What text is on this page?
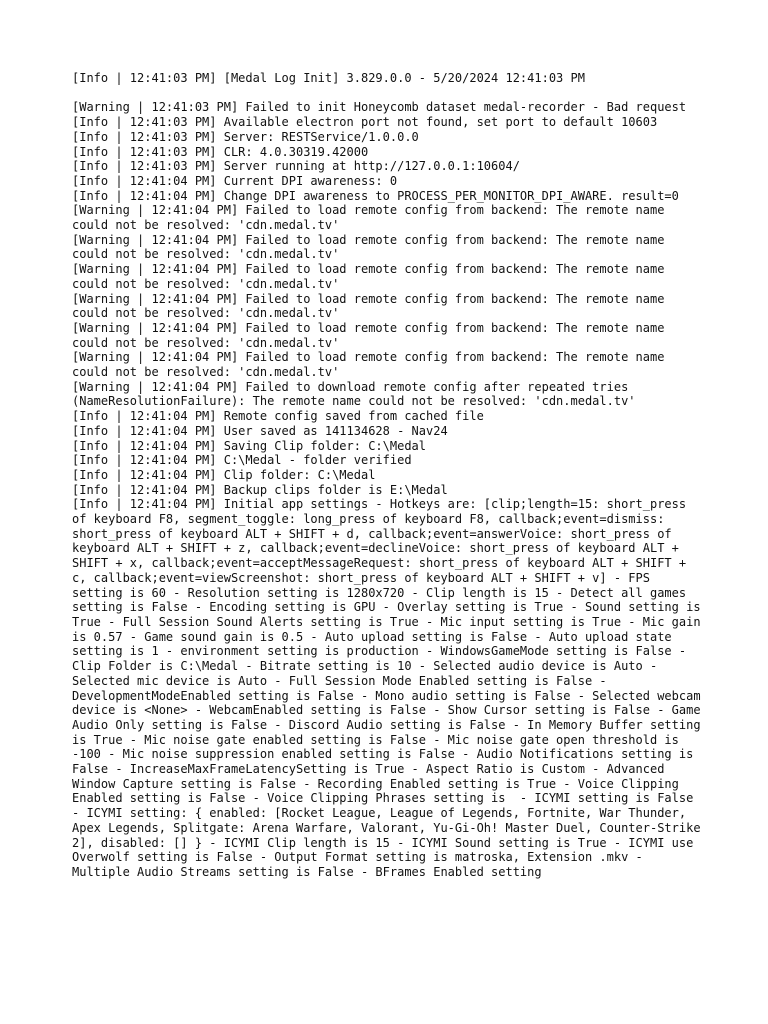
[Info | 12:41:03 PM] [Medal Log Init] 3.829.0.0 - 5/20/2024 12:41:03 PM

[Warning | 12:41:03 PM] Failed to init Honeycomb dataset medal-recorder - Bad request

[Info | 12:41:03 PM] Available electron port not found, set port to default 10603

[Info | 12:41:03 PM] Server: RESTService/1.0.0.0

[Info | 12:41:03 PM] CLR: 4.0.30319.42000

[Info | 12:41:03 PM] Server running at http://127.0.0.1:10604/

[Info | 12:41:04 PM] Current DPI awareness: 0

[Info | 12:41:04 PM] Change DPI awareness to PROCESS_PER_MONITOR_DPI_AWARE. result=0

[Warning | 12:41:04 PM] Failed to load remote config from backend: The remote name could not be resolved: 'cdn.medal.tv'

[Warning | 12:41:04 PM] Failed to load remote config from backend: The remote name could not be resolved: 'cdn.medal.tv'

[Warning | 12:41:04 PM] Failed to load remote config from backend: The remote name could not be resolved: 'cdn.medal.tv'

[Warning | 12:41:04 PM] Failed to load remote config from backend: The remote name could not be resolved: 'cdn.medal.tv'

[Warning | 12:41:04 PM] Failed to load remote config from backend: The remote name could not be resolved: 'cdn.medal.tv'

[Warning | 12:41:04 PM] Failed to load remote config from backend: The remote name could not be resolved: 'cdn.medal.tv'

[Warning | 12:41:04 PM] Failed to download remote config after repeated tries (NameResolutionFailure): The remote name could not be resolved: 'cdn.medal.tv'

[Info | 12:41:04 PM] Remote config saved from cached file

[Info | 12:41:04 PM] User saved as 141134628 - Nav24

[Info | 12:41:04 PM] Saving Clip folder: C:\Medal

[Info | 12:41:04 PM] C:\Medal - folder verified

[Info | 12:41:04 PM] Clip folder: C:\Medal

[Info | 12:41:04 PM] Backup clips folder is E:\Medal

[Info | 12:41:04 PM] Initial app settings - Hotkeys are: [clip;length=15: short_press of keyboard F8, segment_toggle: long_press of keyboard F8, callback;event=dismiss: short_press of keyboard ALT + SHIFT + d, callback;event=answerVoice: short_press of keyboard ALT + SHIFT + z, callback;event=declineVoice: short_press of keyboard ALT + SHIFT + x, callback;event=acceptMessageRequest: short_press of keyboard ALT + SHIFT + c, callback;event=viewScreenshot: short_press of keyboard ALT + SHIFT + v] - FPS setting is 60 - Resolution setting is 1280x720 - Clip length is 15 - Detect all games setting is False - Encoding setting is GPU - Overlay setting is True - Sound setting is True - Full Session Sound Alerts setting is True - Mic input setting is True - Mic gain is 0.57 - Game sound gain is 0.5 - Auto upload setting is False - Auto upload state setting is 1 - environment setting is production - WindowsGameMode setting is False - Clip Folder is C:\Medal - Bitrate setting is 10 - Selected audio device is Auto - Selected mic device is Auto - Full Session Mode Enabled setting is False - DevelopmentModeEnabled setting is False - Mono audio setting is False - Selected webcam device is <None> - WebcamEnabled setting is False - Show Cursor setting is False - Game Audio Only setting is False - Discord Audio setting is False - In Memory Buffer setting is True - Mic noise gate enabled setting is False - Mic noise gate open threshold is -100 - Mic noise suppression enabled setting is False - Audio Notifications setting is False - IncreaseMaxFrameLatencySetting is True - Aspect Ratio is Custom - Advanced Window Capture setting is False - Recording Enabled setting is True - Voice Clipping Enabled setting is False - Voice Clipping Phrases setting is  - ICYMI setting is False - ICYMI setting: { enabled: [Rocket League, League of Legends, Fortnite, War Thunder, Apex Legends, Splitgate: Arena Warfare, Valorant, Yu-Gi-Oh! Master Duel, Counter-Strike 2], disabled: [] } - ICYMI Clip length is 15 - ICYMI Sound setting is True - ICYMI use Overwolf setting is False - Output Format setting is matroska, Extension .mkv - Multiple Audio Streams setting is False - BFrames Enabled setting
